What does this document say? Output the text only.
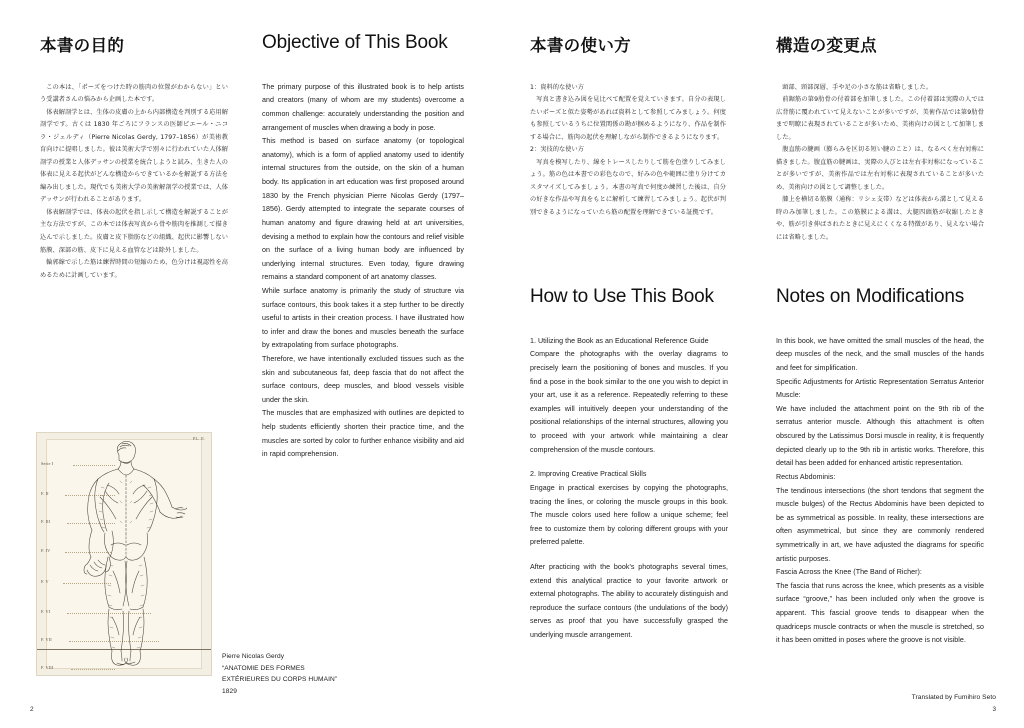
本書の目的

この本は、「ポーズをつけた時の筋肉の位置がわからない」という受講者さんの悩みから企画した本です。

体表解剖学とは、生体の皮膚の上から内部構造を判別する応用解剖学です。古くは 1830 年ごろにフランスの医師ピエール・ニコラ・ジェルディ（Pierre Nicolas Gerdy, 1797–1856）が美術教育向けに提唱しました。彼は美術大学で別々に行われていた人体解剖学の授業と人体デッサンの授業を統合しようと試み、生きた人の体表に見える起伏がどんな構造からできているかを解説する方法を編み出しました。現代でも美術大学の美術解剖学の授業では、人体デッサンが行われることがあります。

体表解剖学では、体表の起伏を指し示して構造を解説することが主な方法ですが、この本では体表写真から骨や筋肉を推測して描き込んで示しました。皮膚と皮下脂肪などの組織、起伏に影響しない筋膜、深部の筋、皮下に見える血管などは除外しました。

輪郭線で示した筋は練習時間の短縮のため、色分けは視認性を高めるために計画しています。

Objective of This Book

The primary purpose of this illustrated book is to help artists and creators (many of whom are my students) overcome a common challenge: accurately understanding the position and arrangement of muscles when drawing a body in pose.

This method is based on surface anatomy (or topological anatomy), which is a form of applied anatomy used to identify internal structures from the outside, on the skin of a human body. Its application in art education was first proposed around 1830 by the French physician Pierre Nicolas Gerdy (1797–1856). Gerdy attempted to integrate the separate courses of human anatomy and figure drawing held at art universities, devising a method to explain how the contours and relief visible on the surface of a living human body are influenced by underlying internal structures. Even today, figure drawing remains a standard component of art anatomy classes.

While surface anatomy is primarily the study of structure via surface contours, this book takes it a step further to be directly useful to artists in their creation process. I have illustrated how to infer and draw the bones and muscles beneath the surface by extrapolating from surface photographs.

Therefore, we have intentionally excluded tissues such as the skin and subcutaneous fat, deep fascia that do not affect the surface contours, deep muscles, and blood vessels visible under the skin.

The muscles that are emphasized with outlines are depicted to help students efficiently shorten their practice time, and the muscles are sorted by color to further enhance visibility and aid in rapid comprehension.

本書の使い方

1：資料的な使い方

写真と書き込み図を見比べて配置を覚えていきます。自分の表現したいポーズと似た姿勢があれば資料として参照してみましょう。何度も参照しているうちに位置関係の勘が掴めるようになり、作品を制作する場合に、筋肉の起伏を理解しながら制作できるようになります。

2：実技的な使い方

写真を模写したり、線をトレースしたりして筋を色塗りしてみましょう。筋の色は本書での彩色なので、好みの色や範囲に塗り分けてカスタマイズしてみましょう。本書の写真で何度か練習した後は、自分の好きな作品や写真をもとに解析して練習してみましょう。起伏が判別できるようになっていたら筋の配置を理解できている証拠です。

構造の変更点

頭部、頸部深層、手や足の小さな筋は省略しました。

前鋸筋の第9肋骨の付着部を加筆しました。この付着部は実際の人では広背筋に覆われていて見えないことが多いですが、美術作品では第9肋骨まで明瞭に表現されていることが多いため、美術向けの図として加筆しました。

腹直筋の腱画（膨らみを区切る短い腱のこと）は、なるべく左右対称に描きました。腹直筋の腱画は、実際の人びとは左右非対称になっていることが多いですが、美術作品では左右対称に表現されていることが多いため、美術向けの図として調整しました。

膝上を横切る筋膜（通称：リシェ支帯）などは体表から溝として見える時のみ加筆しました。この筋膜による溝は、大腿四頭筋が収縮したときや、筋が引き伸ばされたときに見えにくくなる特徴があり、見えない場合には省略しました。

How to Use This Book

1. Utilizing the Book as an Educational Reference Guide

Compare the photographs with the overlay diagrams to precisely learn the positioning of bones and muscles. If you find a pose in the book similar to the one you wish to depict in your art, use it as a reference. Repeatedly referring to these examples will intuitively deepen your understanding of the positional relationships of the internal structures, allowing you to proceed with your artwork while maintaining a clear comprehension of the muscle contours.

2. Improving Creative Practical Skills

Engage in practical exercises by copying the photographs, tracing the lines, or coloring the muscle groups in this book. The muscle colors used here follow a unique scheme; feel free to customize them by coloring different groups with your preferred palette.

After practicing with the book's photographs several times, extend this analytical practice to your favorite artwork or external photographs. The ability to accurately distinguish and reproduce the surface contours (the undulations of the body) serves as proof that you have successfully grasped the underlying muscle arrangement.

Notes on Modifications

In this book, we have omitted the small muscles of the head, the deep muscles of the neck, and the small muscles of the hands and feet for simplification.

Specific Adjustments for Artistic Representation Serratus Anterior Muscle:

We have included the attachment point on the 9th rib of the serratus anterior muscle. Although this attachment is often obscured by the Latissimus Dorsi muscle in reality, it is frequently depicted clearly up to the 9th rib in artistic works. Therefore, this detail has been added for enhanced artistic representation.

Rectus Abdominis:

The tendinous intersections (the short tendons that segment the muscle bulges) of the Rectus Abdominis have been depicted to be as symmetrical as possible. In reality, these intersections are often asymmetrical, but since they are commonly rendered symmetrically in art, we have adjusted the diagrams for specific artistic purposes.

Fascia Across the Knee (The Band of Richer):

The fascia that runs across the knee, which presents as a visible surface “groove,” has been included only when the groove is apparent. This fascial groove tends to disappear when the quadriceps muscle contracts or when the muscle is stretched, so it has been omitted in poses where the groove is not visible.

PL. II.
Serie I
F. II
F. III
F. IV
F. V
F. VI
F. VII
F. VIII
Pierre Nicolas Gerdy
“ANATOMIE DES FORMES
EXTÉRIEURES DU CORPS HUMAIN”
1829
Translated by Fumihiro Seto
2	3
